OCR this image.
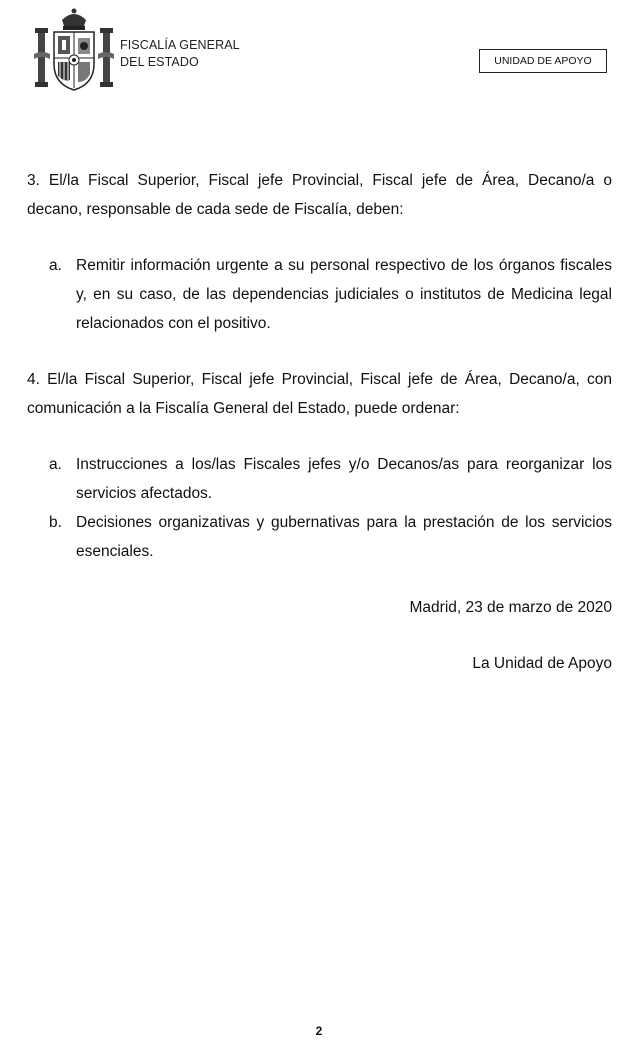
FISCALÍA GENERAL
DEL ESTADO	UNIDAD DE APOYO

3. El/la Fiscal Superior, Fiscal jefe Provincial, Fiscal jefe de Área, Decano/a o decano, responsable de cada sede de Fiscalía, deben:

a. Remitir información urgente a su personal respectivo de los órganos fiscales y, en su caso, de las dependencias judiciales o institutos de Medicina legal relacionados con el positivo.

4. El/la Fiscal Superior, Fiscal jefe Provincial, Fiscal jefe de Área, Decano/a, con comunicación a la Fiscalía General del Estado, puede ordenar:

a. Instrucciones a los/las Fiscales jefes y/o Decanos/as para reorganizar los servicios afectados.
b. Decisiones organizativas y gubernativas para la prestación de los servicios esenciales.
Madrid, 23 de marzo de 2020
La Unidad de Apoyo
2
